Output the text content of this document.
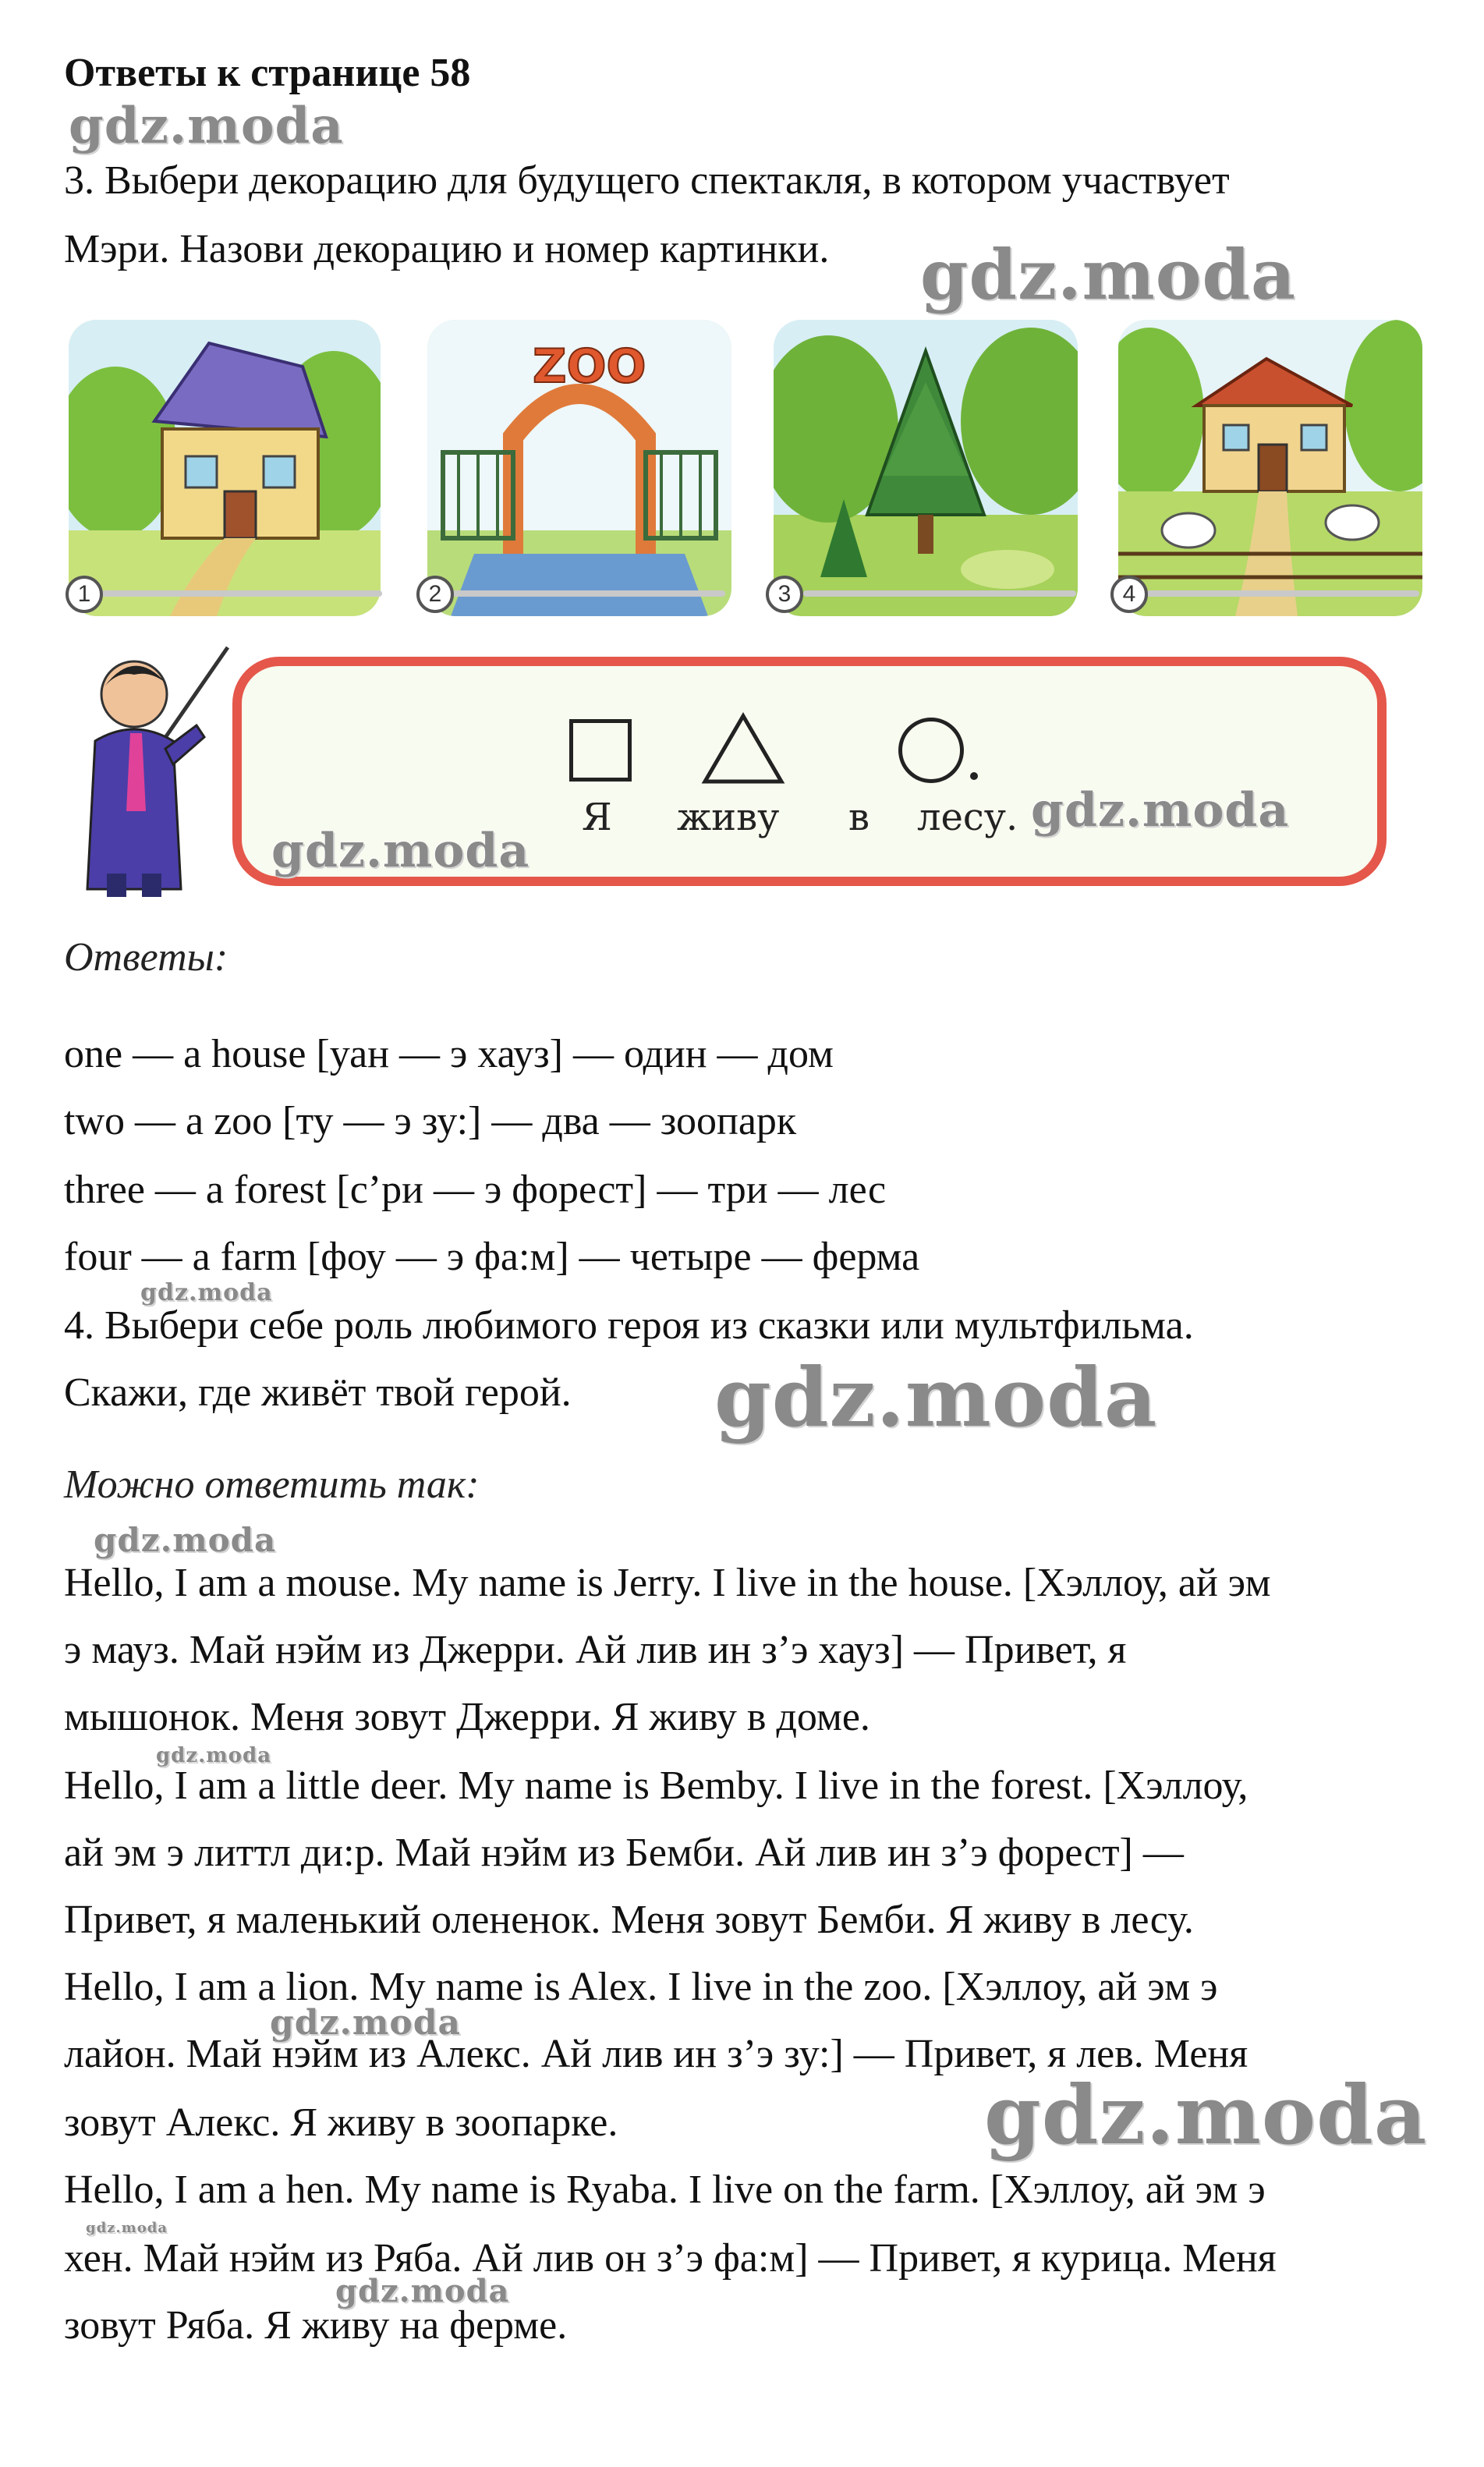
Ответы к странице 58
gdz.moda
3. Выбери декорацию для будущего спектакля, в котором участвует
Мэри. Назови декорацию и номер картинки. gdz.moda
1
ZOO
2	3	4
Я живу в лесу. gdz.moda
gdz.moda
Ответы:
one — a house [уан — э хауз] — один — дом
two — a zoo [ту — э зу:] — два — зоопарк
three — a forest [с’ри — э форест] — три — лес
four — a farm [фоу — э фа:м] — четыре — ферма
gdz.moda
4. Выбери себе роль любимого героя из сказки или мультфильма.
Скажи, где живёт твой герой. gdz.moda
Можно ответить так:
gdz.moda
Hello, I am a mouse. My name is Jerry. I live in the house. [Хэллоу, ай эм
э мауз. Май нэйм из Джерри. Ай лив ин з’э хауз] — Привет, я
мышонок. Меня зовут Джерри. Я живу в доме.
gdz.moda
Hello, I am a little deer. My name is Bemby. I live in the forest. [Хэллоу,
ай эм э литтл ди:р. Май нэйм из Бемби. Ай лив ин з’э форест] —
Привет, я маленький олененок. Меня зовут Бемби. Я живу в лесу.
Hello, I am a lion. My name is Alex. I live in the zoo. [Хэллоу, ай эм э
gdz.moda
лайон. Май нэйм из Алекс. Ай лив ин з’э зу:] — Привет, я лев. Меня
зовут Алекс. Я живу в зоопарке.	gdz.moda
Hello, I am a hen. My name is Ryaba. I live on the farm. [Хэллоу, ай эм э
gdz.moda
хен. Май нэйм из Ряба. Ай лив он з’э фа:м] — Привет, я курица. Меня
gdz.moda
зовут Ряба. Я живу на ферме.
